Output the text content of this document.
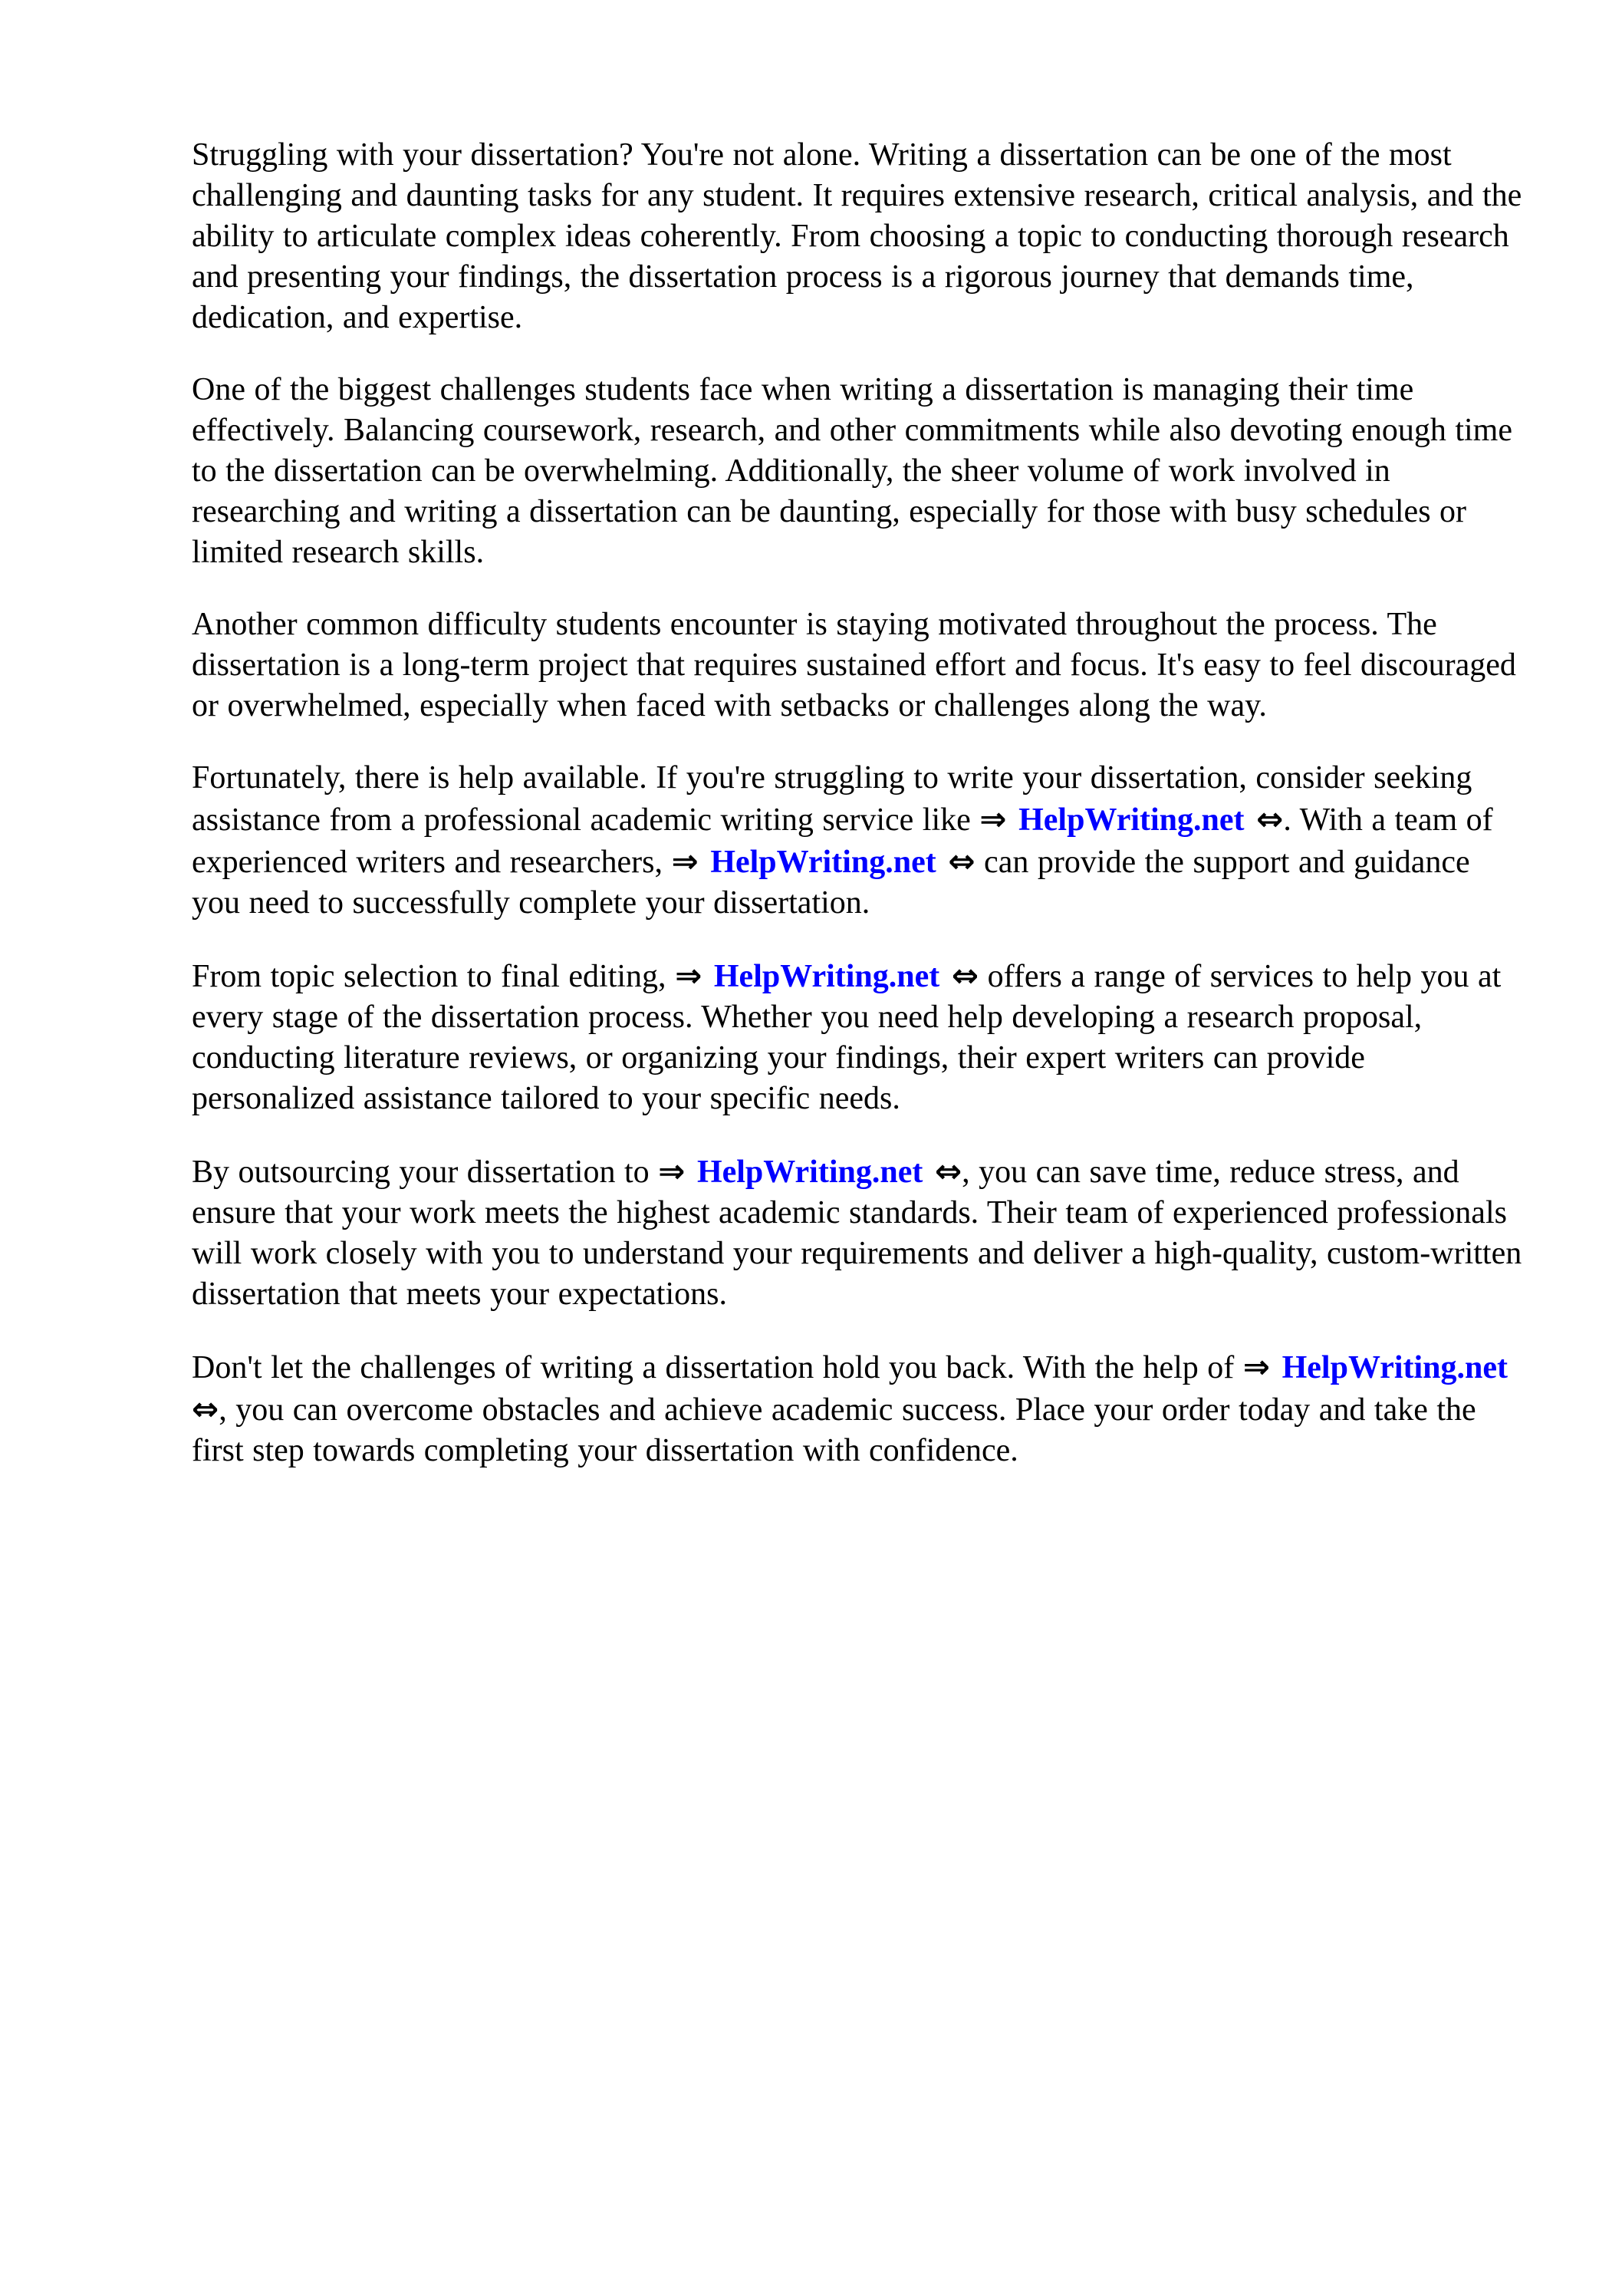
Struggling with your dissertation? You're not alone. Writing a dissertation can be one of the most challenging and daunting tasks for any student. It requires extensive research, critical analysis, and the ability to articulate complex ideas coherently. From choosing a topic to conducting thorough research and presenting your findings, the dissertation process is a rigorous journey that demands time, dedication, and expertise.

One of the biggest challenges students face when writing a dissertation is managing their time effectively. Balancing coursework, research, and other commitments while also devoting enough time to the dissertation can be overwhelming. Additionally, the sheer volume of work involved in researching and writing a dissertation can be daunting, especially for those with busy schedules or limited research skills.

Another common difficulty students encounter is staying motivated throughout the process. The dissertation is a long-term project that requires sustained effort and focus. It's easy to feel discouraged or overwhelmed, especially when faced with setbacks or challenges along the way.

Fortunately, there is help available. If you're struggling to write your dissertation, consider seeking assistance from a professional academic writing service like ⇒ HelpWriting.net ⇔. With a team of experienced writers and researchers, ⇒ HelpWriting.net ⇔ can provide the support and guidance you need to successfully complete your dissertation.

From topic selection to final editing, ⇒ HelpWriting.net ⇔ offers a range of services to help you at every stage of the dissertation process. Whether you need help developing a research proposal, conducting literature reviews, or organizing your findings, their expert writers can provide personalized assistance tailored to your specific needs.

By outsourcing your dissertation to ⇒ HelpWriting.net ⇔, you can save time, reduce stress, and ensure that your work meets the highest academic standards. Their team of experienced professionals will work closely with you to understand your requirements and deliver a high-quality, custom-written dissertation that meets your expectations.

Don't let the challenges of writing a dissertation hold you back. With the help of ⇒ HelpWriting.net ⇔, you can overcome obstacles and achieve academic success. Place your order today and take the first step towards completing your dissertation with confidence.
